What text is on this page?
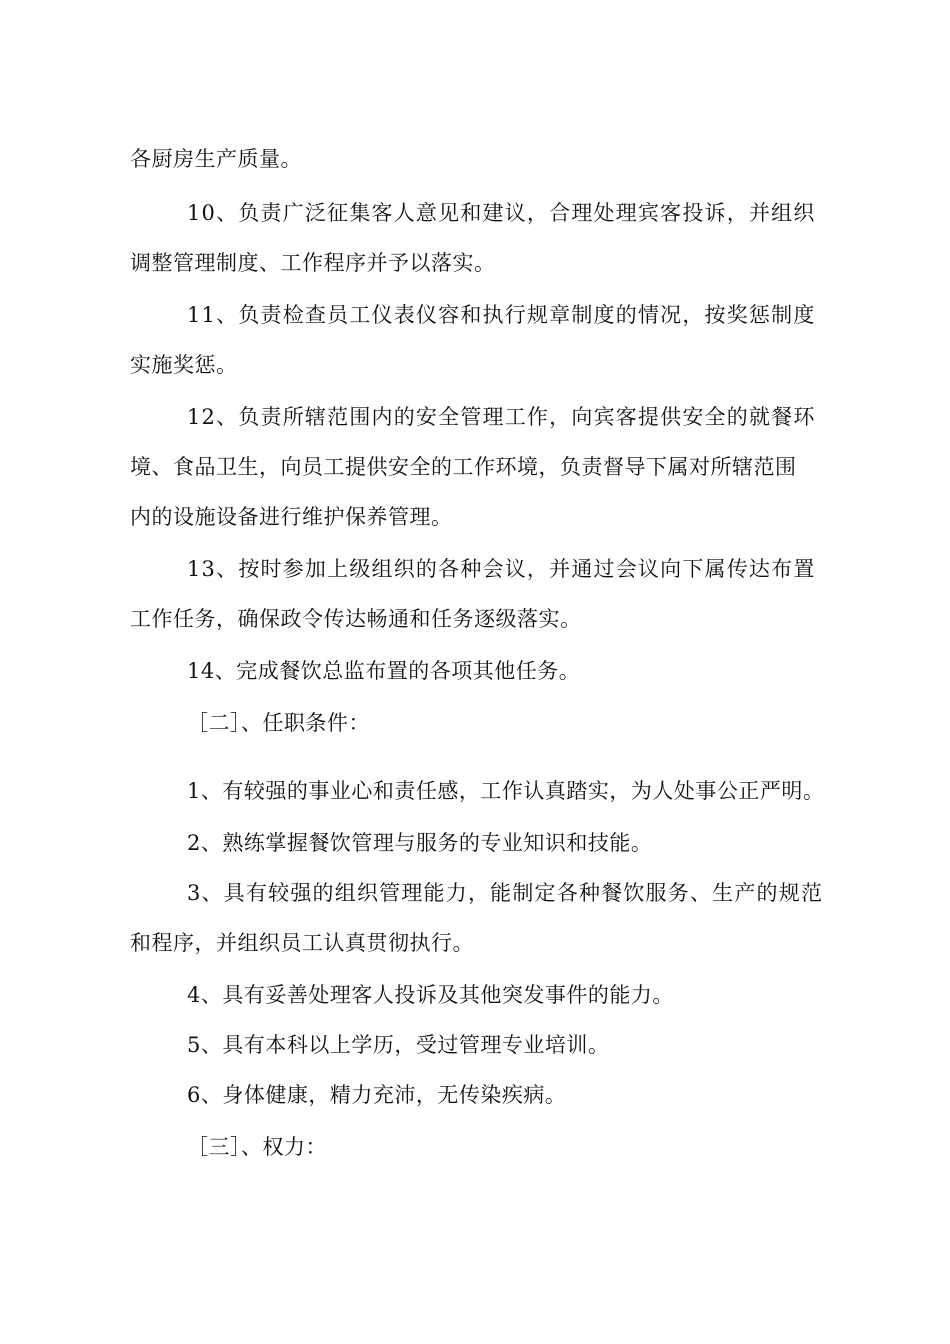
各厨房生产质量。
10、负责广泛征集客人意见和建议，合理处理宾客投诉，并组织
调整管理制度、工作程序并予以落实。
11、负责检查员工仪表仪容和执行规章制度的情况，按奖惩制度
实施奖惩。
12、负责所辖范围内的安全管理工作，向宾客提供安全的就餐环
境、食品卫生，向员工提供安全的工作环境，负责督导下属对所辖范围
内的设施设备进行维护保养管理。
13、按时参加上级组织的各种会议，并通过会议向下属传达布置
工作任务，确保政令传达畅通和任务逐级落实。
14、完成餐饮总监布置的各项其他任务。
［二］、任职条件：
1、有较强的事业心和责任感，工作认真踏实，为人处事公正严明。
2、熟练掌握餐饮管理与服务的专业知识和技能。
3、具有较强的组织管理能力，能制定各种餐饮服务、生产的规范
和程序，并组织员工认真贯彻执行。
4、具有妥善处理客人投诉及其他突发事件的能力。
5、具有本科以上学历，受过管理专业培训。
6、身体健康，精力充沛，无传染疾病。
［三］、权力：
